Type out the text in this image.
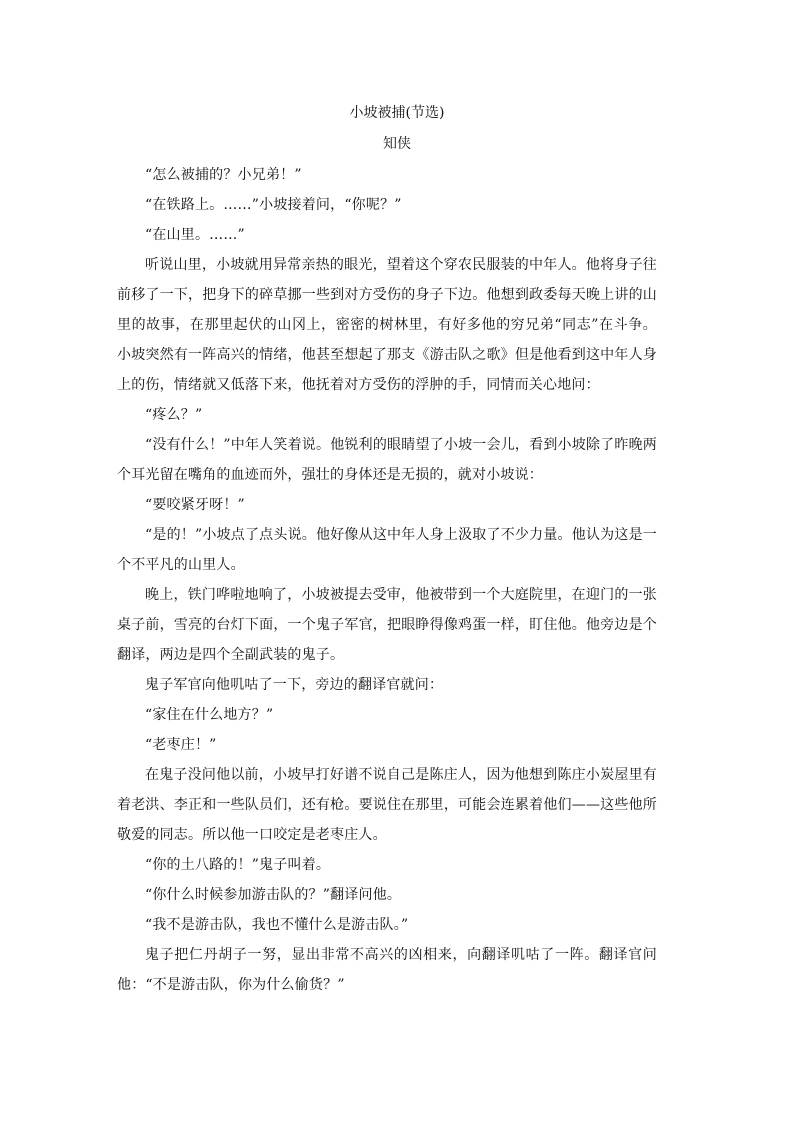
小坡被捕(节选)
知侠

“怎么被捕的？小兄弟！”

“在铁路上。……”小坡接着问，“你呢？”

“在山里。……”

听说山里，小坡就用异常亲热的眼光，望着这个穿农民服装的中年人。他将身子往前移了一下，把身下的碎草挪一些到对方受伤的身子下边。他想到政委每天晚上讲的山里的故事，在那里起伏的山冈上，密密的树林里，有好多他的穷兄弟“同志”在斗争。小坡突然有一阵高兴的情绪，他甚至想起了那支《游击队之歌》但是他看到这中年人身上的伤，情绪就又低落下来，他抚着对方受伤的浮肿的手，同情而关心地问：

“疼么？”

“没有什么！”中年人笑着说。他锐利的眼睛望了小坡一会儿，看到小坡除了昨晚两个耳光留在嘴角的血迹而外，强壮的身体还是无损的，就对小坡说：

“要咬紧牙呀！”

“是的！”小坡点了点头说。他好像从这中年人身上汲取了不少力量。他认为这是一个不平凡的山里人。

晚上，铁门哗啦地响了，小坡被提去受审，他被带到一个大庭院里，在迎门的一张桌子前，雪亮的台灯下面，一个鬼子军官，把眼睁得像鸡蛋一样，盯住他。他旁边是个翻译，两边是四个全副武装的鬼子。

鬼子军官向他叽咕了一下，旁边的翻译官就问：

“家住在什么地方？”

“老枣庄！”

在鬼子没问他以前，小坡早打好谱不说自己是陈庄人，因为他想到陈庄小炭屋里有着老洪、李正和一些队员们，还有枪。要说住在那里，可能会连累着他们——这些他所敬爱的同志。所以他一口咬定是老枣庄人。

“你的土八路的！”鬼子叫着。

“你什么时候参加游击队的？”翻译问他。

“我不是游击队，我也不懂什么是游击队。”

鬼子把仁丹胡子一努，显出非常不高兴的凶相来，向翻译叽咕了一阵。翻译官问他：“不是游击队，你为什么偷货？”
